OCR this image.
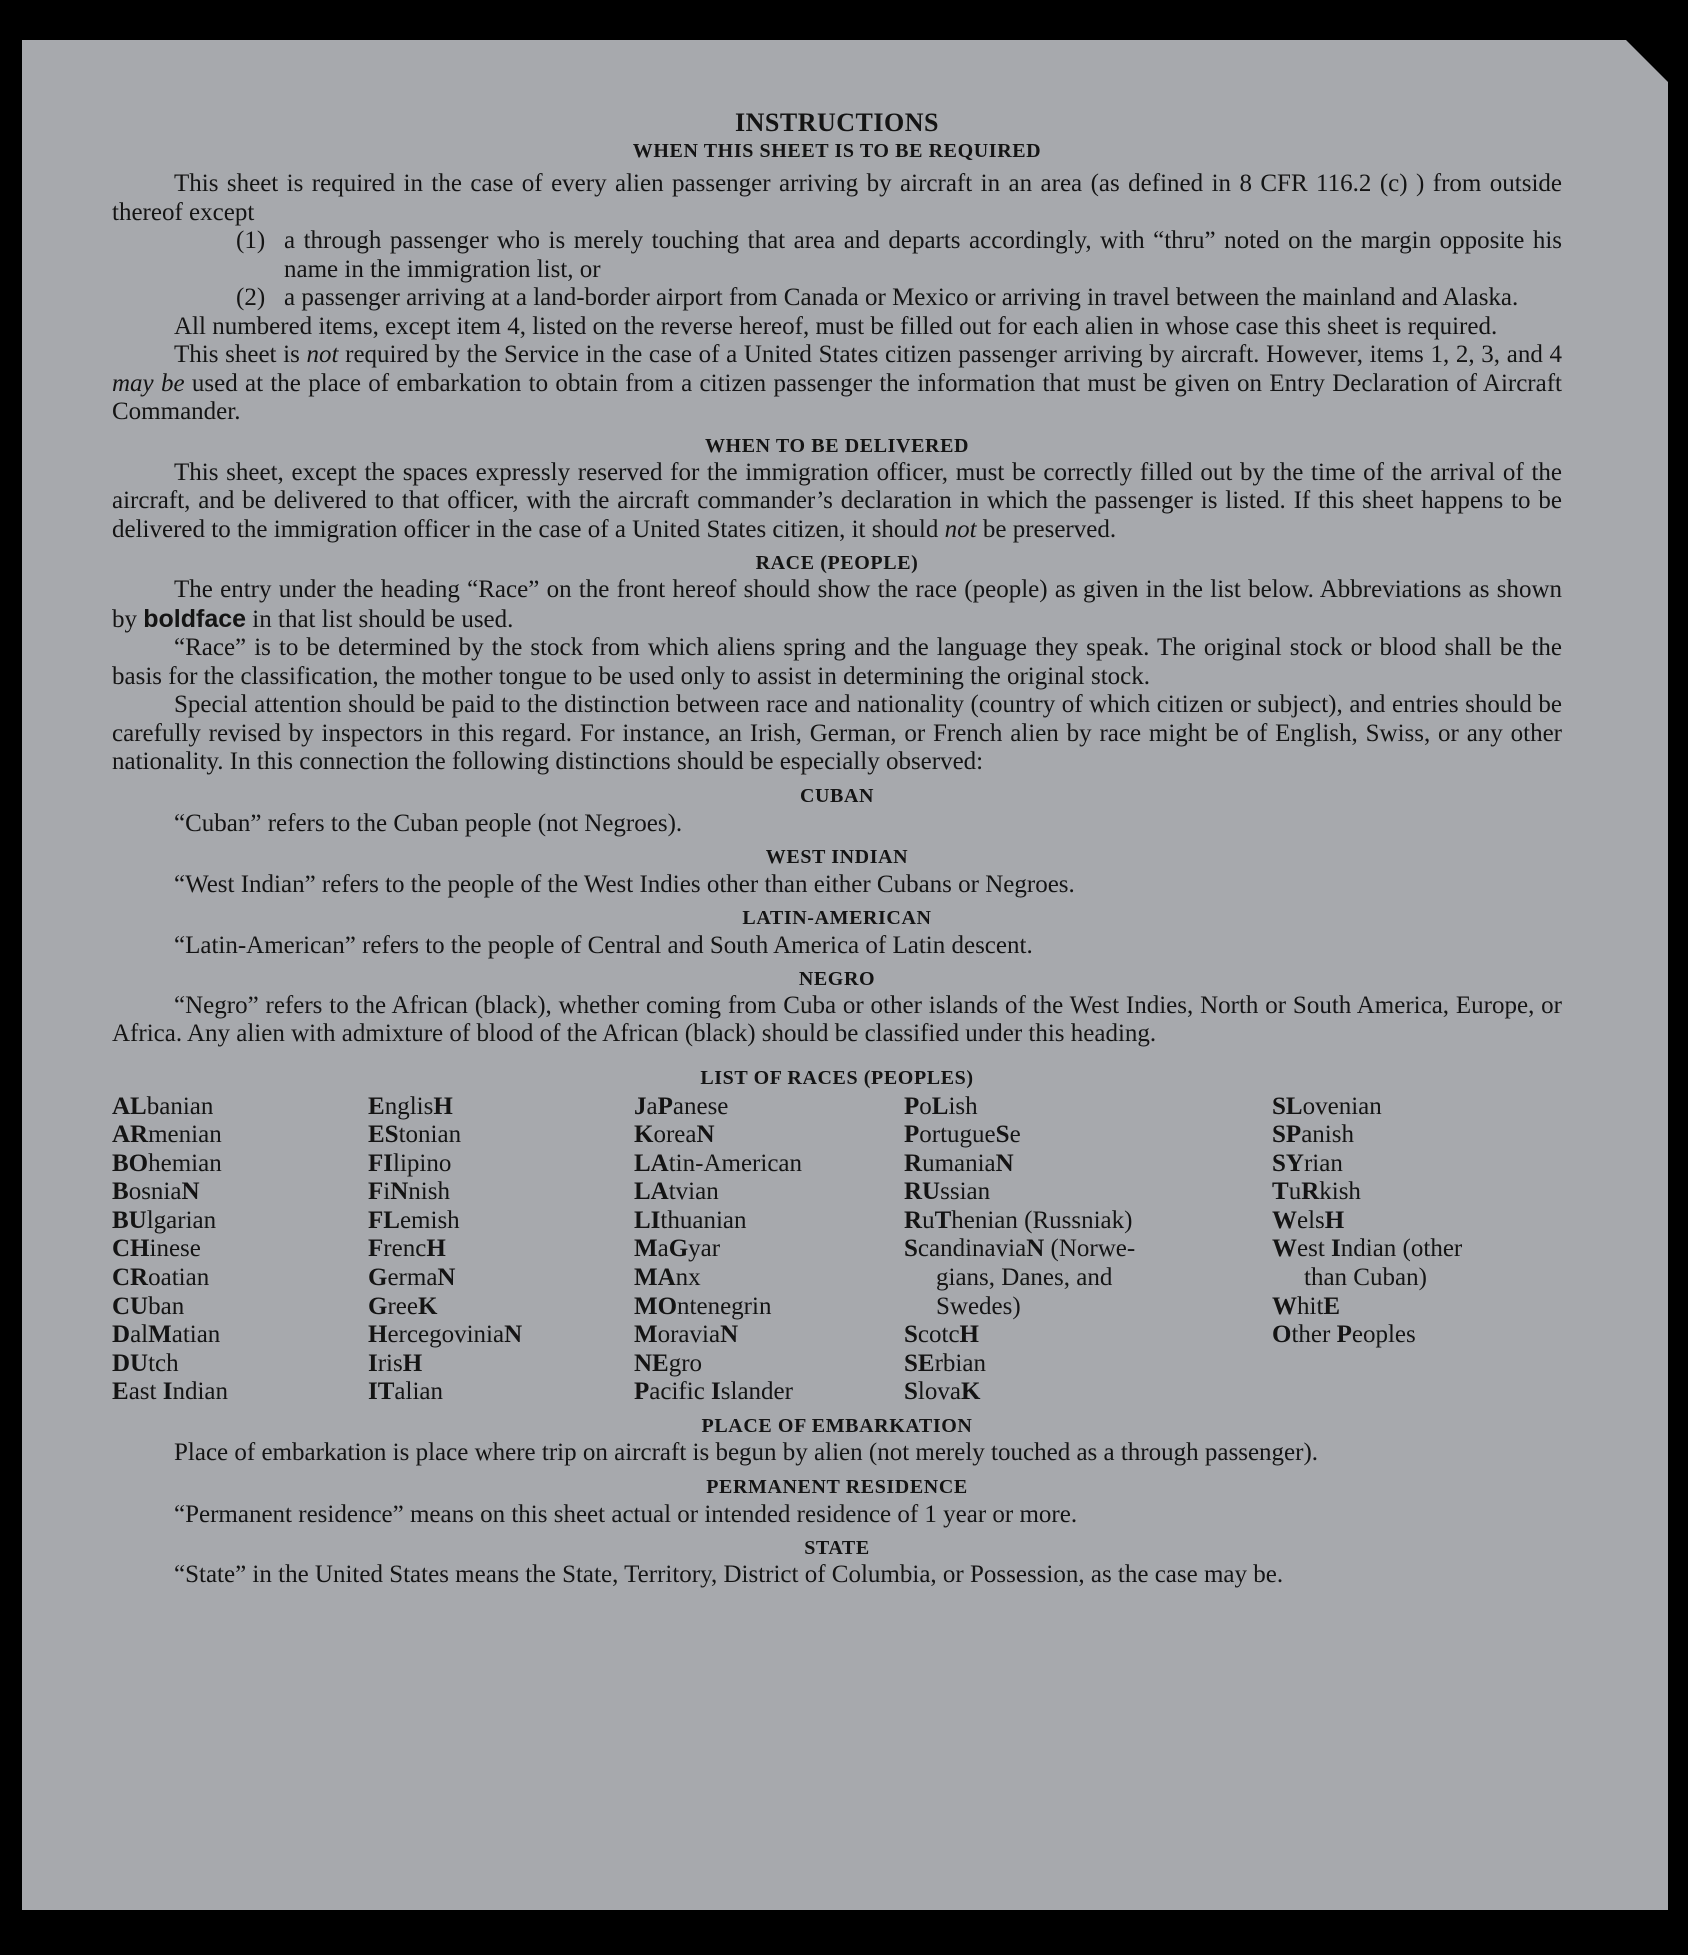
INSTRUCTIONS
WHEN THIS SHEET IS TO BE REQUIRED

This sheet is required in the case of every alien passenger arriving by aircraft in an area (as defined in 8 CFR 116.2 (c) ) from outside thereof except

(1) a through passenger who is merely touching that area and departs accordingly, with “thru” noted on the margin opposite his name in the immigration list, or
(2) a passenger arriving at a land-border airport from Canada or Mexico or arriving in travel between the mainland and Alaska.

All numbered items, except item 4, listed on the reverse hereof, must be filled out for each alien in whose case this sheet is required.

This sheet is not required by the Service in the case of a United States citizen passenger arriving by aircraft. However, items 1, 2, 3, and 4 may be used at the place of embarkation to obtain from a citizen passenger the information that must be given on Entry Declaration of Aircraft Commander.

WHEN TO BE DELIVERED

This sheet, except the spaces expressly reserved for the immigration officer, must be correctly filled out by the time of the arrival of the aircraft, and be delivered to that officer, with the aircraft commander’s declaration in which the passenger is listed. If this sheet happens to be delivered to the immigration officer in the case of a United States citizen, it should not be preserved.

RACE (PEOPLE)

The entry under the heading “Race” on the front hereof should show the race (people) as given in the list below. Abbreviations as shown by boldface in that list should be used.

“Race” is to be determined by the stock from which aliens spring and the language they speak. The original stock or blood shall be the basis for the classification, the mother tongue to be used only to assist in determining the original stock.

Special attention should be paid to the distinction between race and nationality (country of which citizen or subject), and entries should be carefully revised by inspectors in this regard. For instance, an Irish, German, or French alien by race might be of English, Swiss, or any other nationality. In this connection the following distinctions should be especially observed:

CUBAN
“Cuban” refers to the Cuban people (not Negroes).
WEST INDIAN
“West Indian” refers to the people of the West Indies other than either Cubans or Negroes.
LATIN-AMERICAN
“Latin-American” refers to the people of Central and South America of Latin descent.
NEGRO

“Negro” refers to the African (black), whether coming from Cuba or other islands of the West Indies, North or South America, Europe, or Africa. Any alien with admixture of blood of the African (black) should be classified under this heading.

LIST OF RACES (PEOPLES)
ALbanian
ARmenian
BOhemian
BosniaN
BUlgarian
CHinese
CRoatian
CUban
DalMatian
DUtch
East Indian
EnglisH
EStonian
FIlipino
FiNnish
FLemish
FrencH
GermaN
GreeK
HercegoviniaN
IrisH
ITalian
JaPanese
KoreaN
LAtin-American
LAtvian
LIthuanian
MaGyar
MAnx
MOntenegrin
MoraviaN
NEgro
Pacific Islander
PoLish
PortugueSe
RumaniaN
RUssian
RuThenian (Russniak)
ScandinaviaN (Norwe-
gians, Danes, and
Swedes)
ScotcH
SErbian
SlovaK
SLovenian
SPanish
SYrian
TuRkish
WelsH
West Indian (other
than Cuban)
WhitE
Other Peoples
PLACE OF EMBARKATION

Place of embarkation is place where trip on aircraft is begun by alien (not merely touched as a through passenger).

PERMANENT RESIDENCE
“Permanent residence” means on this sheet actual or intended residence of 1 year or more.
STATE

“State” in the United States means the State, Territory, District of Columbia, or Possession, as the case may be.
